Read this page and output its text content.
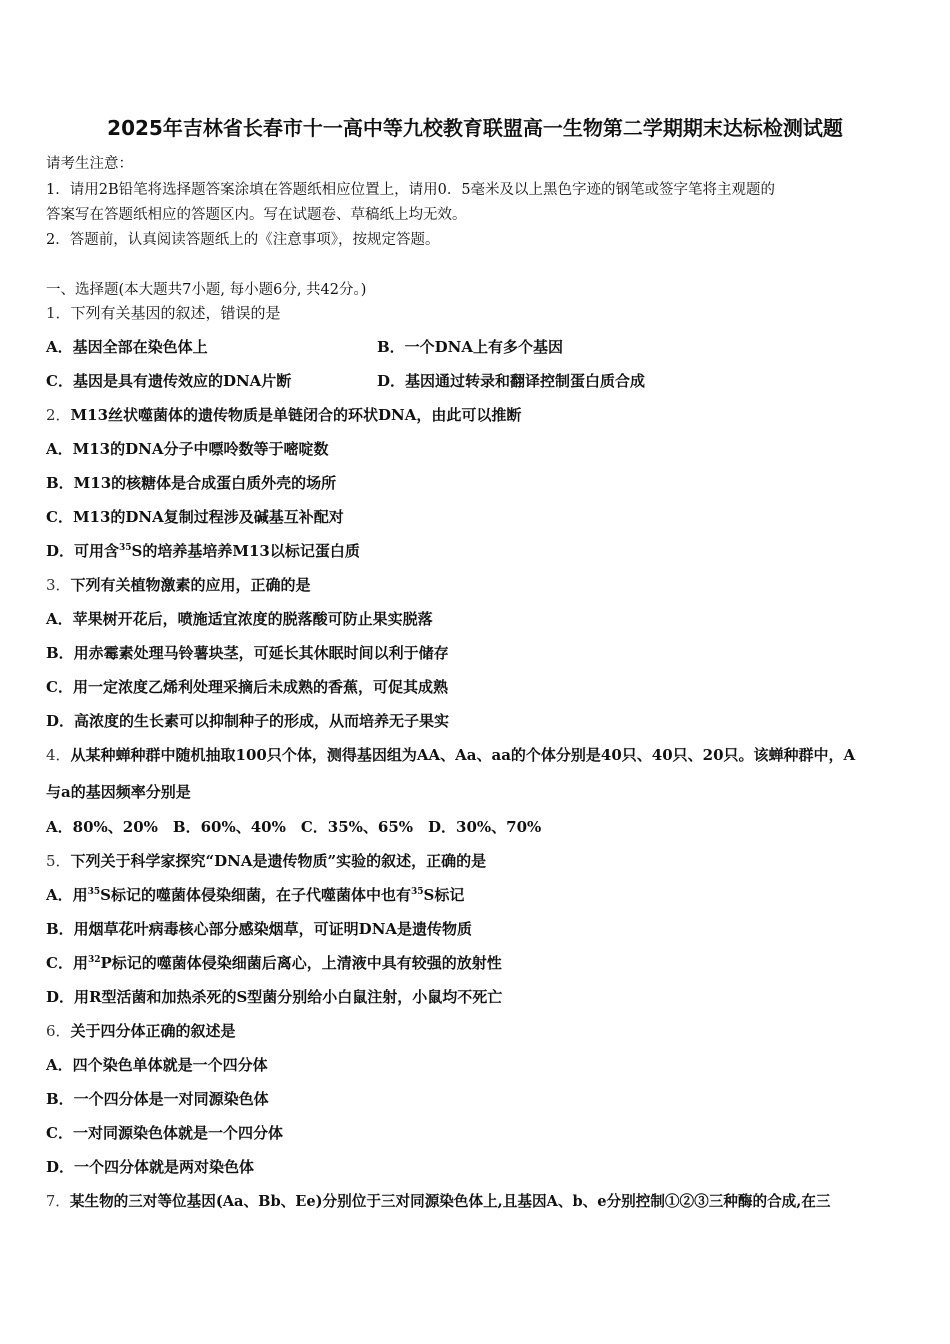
2025年吉林省长春市十一高中等九校教育联盟高一生物第二学期期末达标检测试题
请考生注意：
1．请用2B铅笔将选择题答案涂填在答题纸相应位置上，请用0．5毫米及以上黑色字迹的钢笔或签字笔将主观题的
答案写在答题纸相应的答题区内。写在试题卷、草稿纸上均无效。
2．答题前，认真阅读答题纸上的《注意事项》，按规定答题。
一、选择题(本大题共7小题, 每小题6分, 共42分。)
1．下列有关基因的叙述，错误的是
A．基因全部在染色体上	B．一个DNA上有多个基因
C．基因是具有遗传效应的DNA片断	D．基因通过转录和翻译控制蛋白质合成
2．M13丝状噬菌体的遗传物质是单链闭合的环状DNA，由此可以推断
A．M13的DNA分子中嘌呤数等于嘧啶数
B．M13的核糖体是合成蛋白质外壳的场所
C．M13的DNA复制过程涉及碱基互补配对
D．可用含$^{35}$S的培养基培养M13以标记蛋白质
3．下列有关植物激素的应用，正确的是
A．苹果树开花后，喷施适宜浓度的脱落酸可防止果实脱落
B．用赤霉素处理马铃薯块茎，可延长其休眠时间以利于储存
C．用一定浓度乙烯利处理采摘后未成熟的香蕉，可促其成熟
D．高浓度的生长素可以抑制种子的形成，从而培养无子果实
4．从某种蝉种群中随机抽取100只个体，测得基因组为AA、Aa、aa的个体分别是40只、40只、20只。该蝉种群中，A
与a的基因频率分别是
A．80%、20%　B．60%、40%　C．35%、65%　D．30%、70%
5．下列关于科学家探究“DNA是遗传物质”实验的叙述，正确的是
A．用$^{35}$S标记的噬菌体侵染细菌，在子代噬菌体中也有$^{35}$S标记
B．用烟草花叶病毒核心部分感染烟草，可证明DNA是遗传物质
C．用$^{32}$P标记的噬菌体侵染细菌后离心，上清液中具有较强的放射性
D．用R型活菌和加热杀死的S型菌分别给小白鼠注射，小鼠均不死亡
6．关于四分体正确的叙述是
A．四个染色单体就是一个四分体
B．一个四分体是一对同源染色体
C．一对同源染色体就是一个四分体
D．一个四分体就是两对染色体
7．某生物的三对等位基因(Aa、Bb、Ee)分别位于三对同源染色体上,且基因A、b、e分别控制①②③三种酶的合成,在三
